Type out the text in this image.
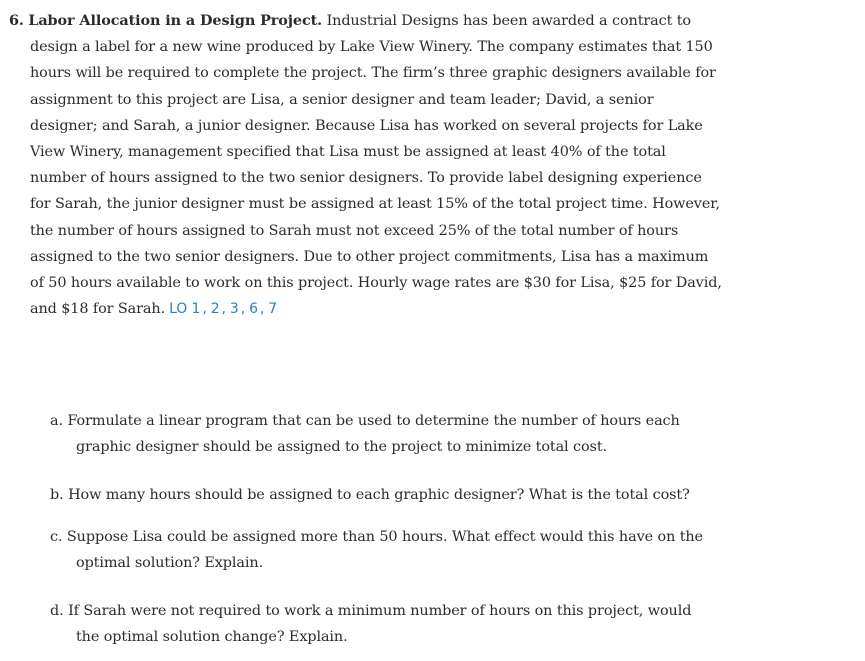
6. Labor Allocation in a Design Project. Industrial Designs has been awarded a contract to
design a label for a new wine produced by Lake View Winery. The company estimates that 150
hours will be required to complete the project. The firm’s three graphic designers available for
assignment to this project are Lisa, a senior designer and team leader; David, a senior
designer; and Sarah, a junior designer. Because Lisa has worked on several projects for Lake
View Winery, management specified that Lisa must be assigned at least 40% of the total
number of hours assigned to the two senior designers. To provide label designing experience
for Sarah, the junior designer must be assigned at least 15% of the total project time. However,
the number of hours assigned to Sarah must not exceed 25% of the total number of hours
assigned to the two senior designers. Due to other project commitments, Lisa has a maximum
of 50 hours available to work on this project. Hourly wage rates are $30 for Lisa, $25 for David,
and $18 for Sarah. LO 1 , 2 , 3 , 6 , 7
a. Formulate a linear program that can be used to determine the number of hours each
graphic designer should be assigned to the project to minimize total cost.
b. How many hours should be assigned to each graphic designer? What is the total cost?
c. Suppose Lisa could be assigned more than 50 hours. What effect would this have on the
optimal solution? Explain.
d. If Sarah were not required to work a minimum number of hours on this project, would
the optimal solution change? Explain.
